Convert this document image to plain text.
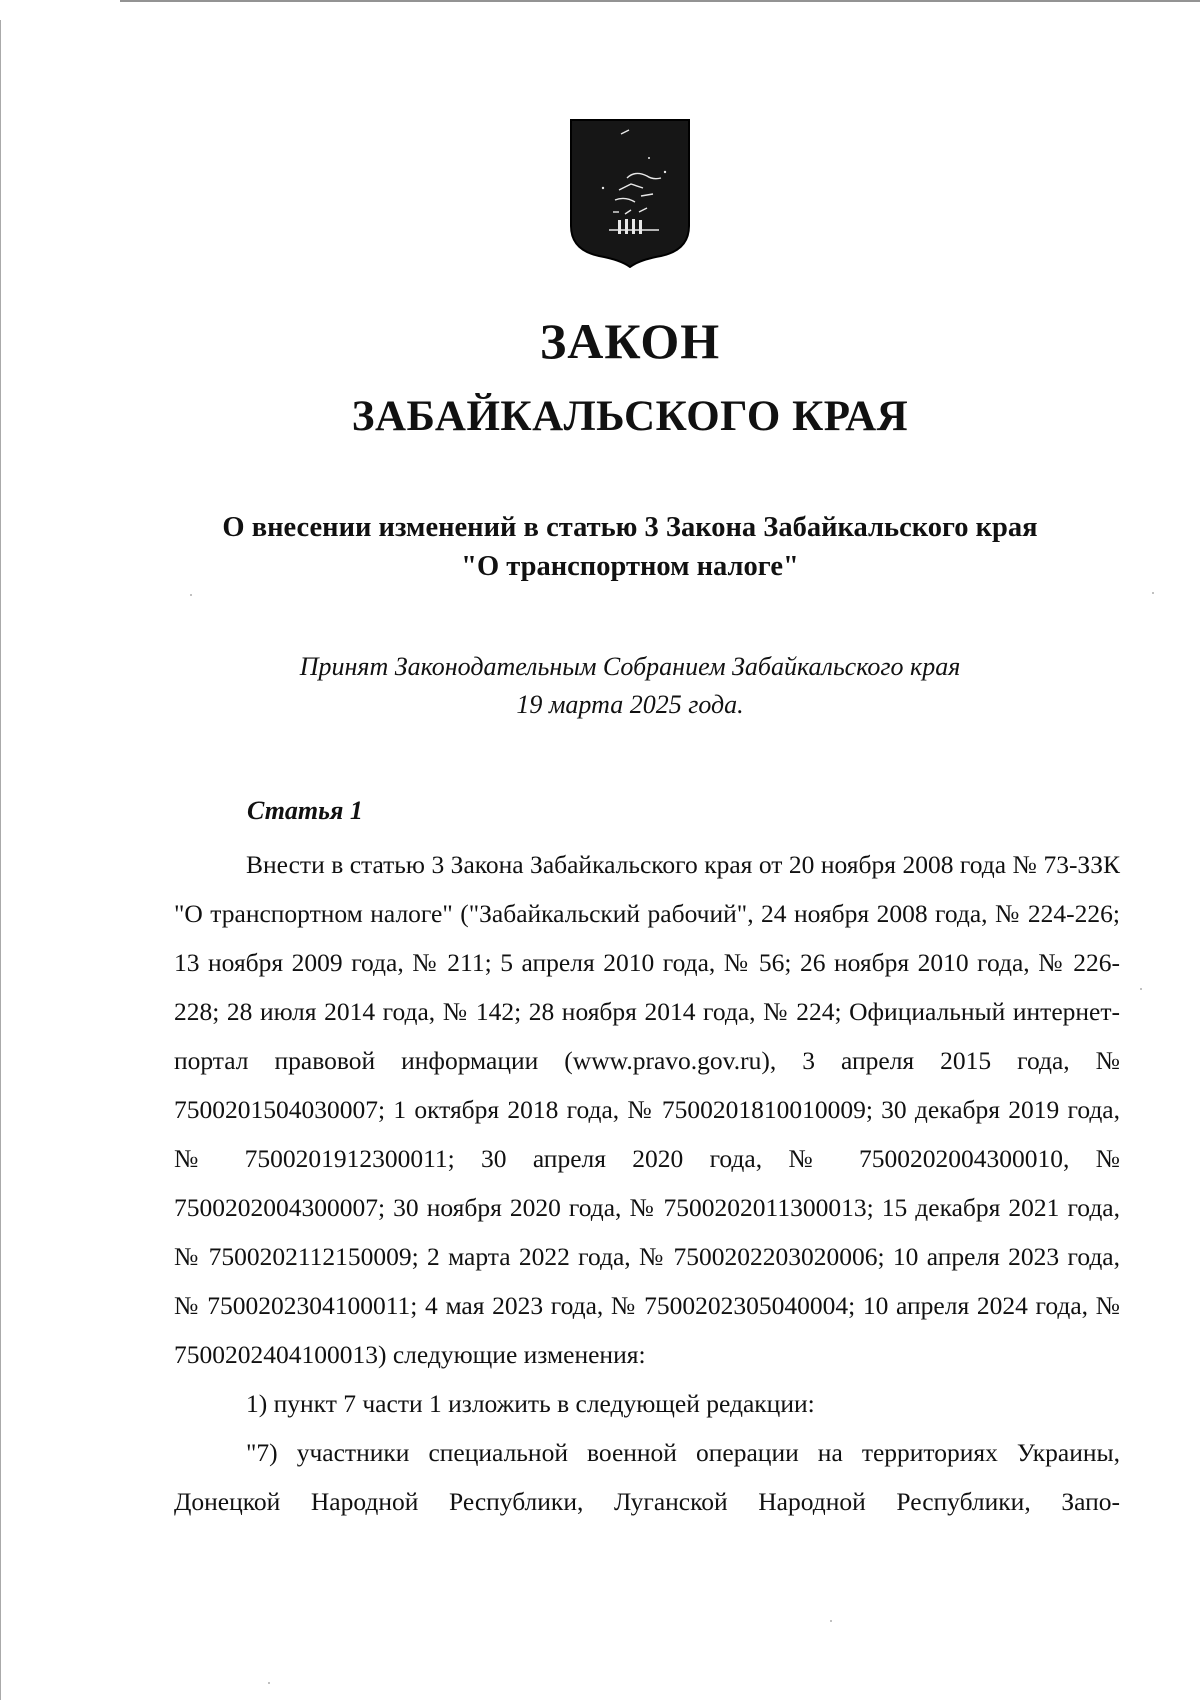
ЗАКОН
ЗАБАЙКАЛЬСКОГО КРАЯ
О внесении изменений в статью 3 Закона Забайкальского края
"О транспортном налоге"
Принят Законодательным Собранием Забайкальского края
19 марта 2025 года.
Статья 1

Внести в статью 3 Закона Забайкальского края от 20 ноября 2008 года № 73-ЗЗК "О транспортном налоге" ("Забайкальский рабочий", 24 ноября 2008 года, № 224-226; 13 ноября 2009 года, № 211; 5 апреля 2010 года, № 56; 26 ноября 2010 года, № 226-228; 28 июля 2014 года, № 142; 28 ноября 2014 года, № 224; Официальный интернет-портал правовой информации (www.pravo.gov.ru), 3 апреля 2015 года, № 7500201504030007; 1 октября 2018 года, № 7500201810010009; 30 декабря 2019 года, № 7500201912300011; 30 апреля 2020 года, № 7500202004300010, № 7500202004300007; 30 ноября 2020 года, № 7500202011300013; 15 декабря 2021 года, № 7500202112150009; 2 марта 2022 года, № 7500202203020006; 10 апреля 2023 года, № 7500202304100011; 4 мая 2023 года, № 7500202305040004; 10 апреля 2024 года, № 7500202404100013) следующие изменения:

1) пункт 7 части 1 изложить в следующей редакции:

"7) участники специальной военной операции на территориях Украины, Донецкой Народной Республики, Луганской Народной Республики, Запо-
